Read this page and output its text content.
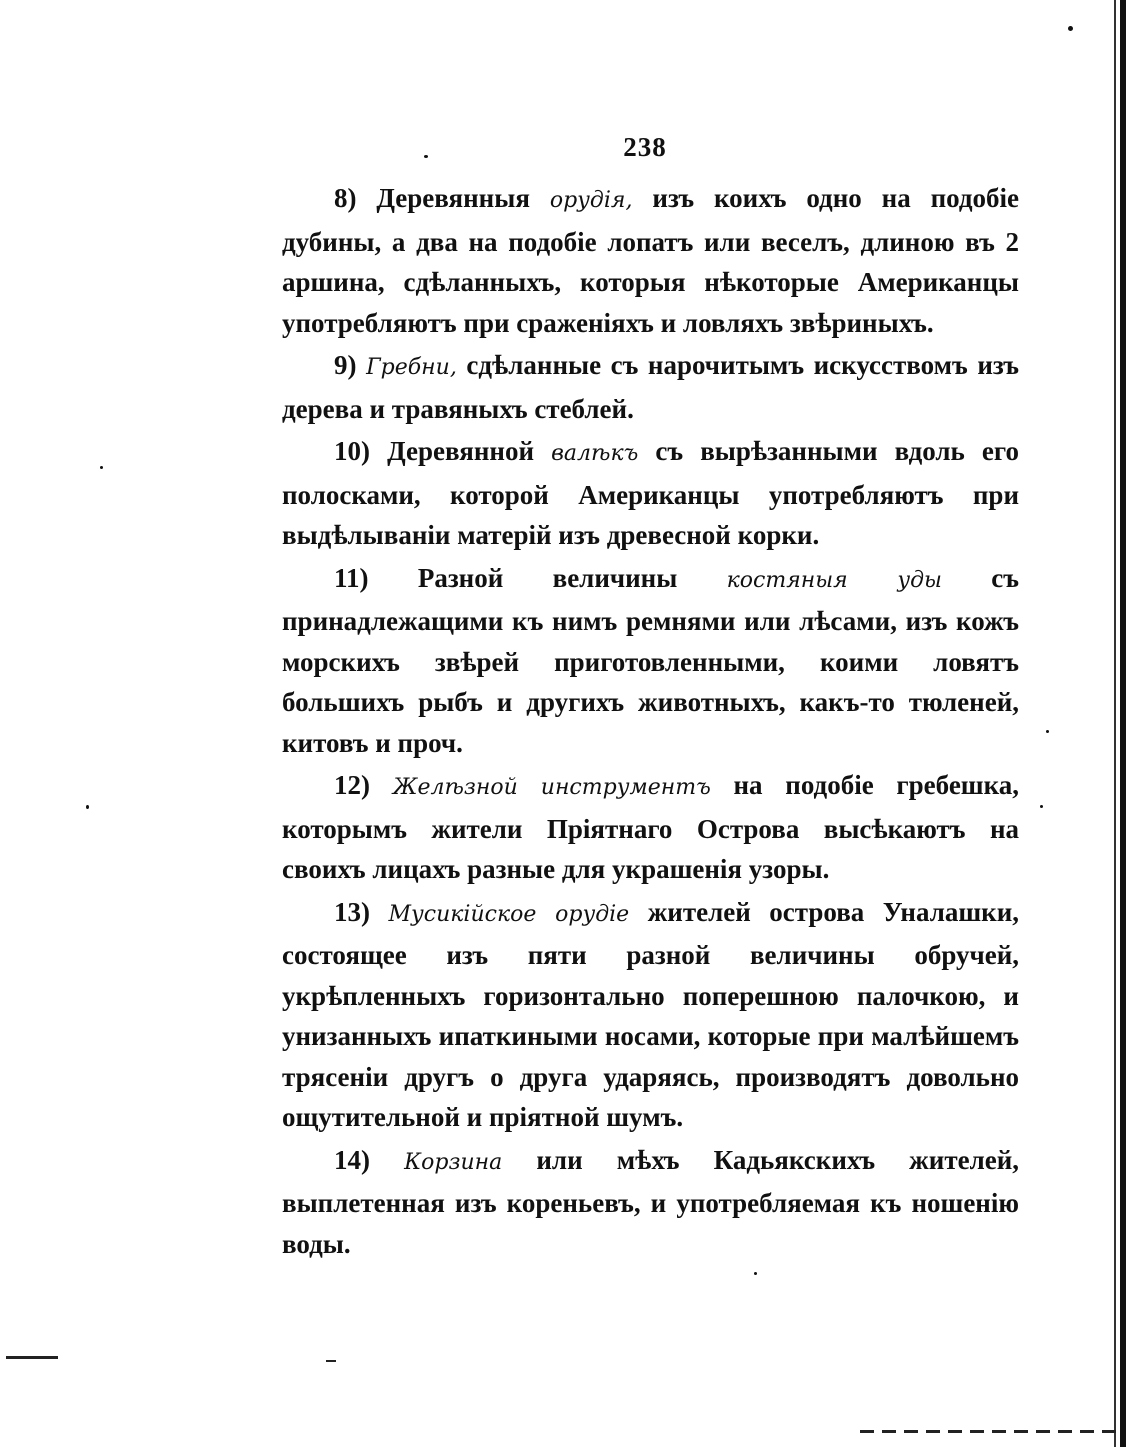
238

8) Деревянныя орудія, изъ коихъ одно на подобіе дубины, а два на подобіе лопатъ или веселъ, длиною въ 2 аршина, сдѣланныхъ, которыя нѣкоторые Американцы употребляютъ при сраженіяхъ и ловляхъ звѣриныхъ.

9) Гребни, сдѣланные съ нарочитымъ искусствомъ изъ дерева и травяныхъ стеблей.

10) Деревянной валѣкъ съ вырѣзанными вдоль его полосками, которой Американцы употребляютъ при выдѣлываніи матерій изъ древесной корки.

11) Разной величины костяныя уды съ принадлежащими къ нимъ ремнями или лѣсами, изъ кожъ морскихъ звѣрей приготовленными, коими ловятъ большихъ рыбъ и другихъ животныхъ, какъ-то тюленей, китовъ и проч.

12) Желѣзной инструментъ на подобіе гребешка, которымъ жители Пріятнаго Острова высѣкаютъ на своихъ лицахъ разные для украшенія узоры.

13) Мусикійское орудіе жителей острова Уналашки, состоящее изъ пяти разной величины обручей, укрѣпленныхъ горизонтально поперешною палочкою, и унизанныхъ ипаткиными носами, которые при малѣйшемъ трясеніи другъ о друга ударяясь, производятъ довольно ощутительной и пріятной шумъ.

14) Корзина или мѣхъ Кадьякскихъ жителей, выплетенная изъ кореньевъ, и употребляемая къ ношенію воды.
